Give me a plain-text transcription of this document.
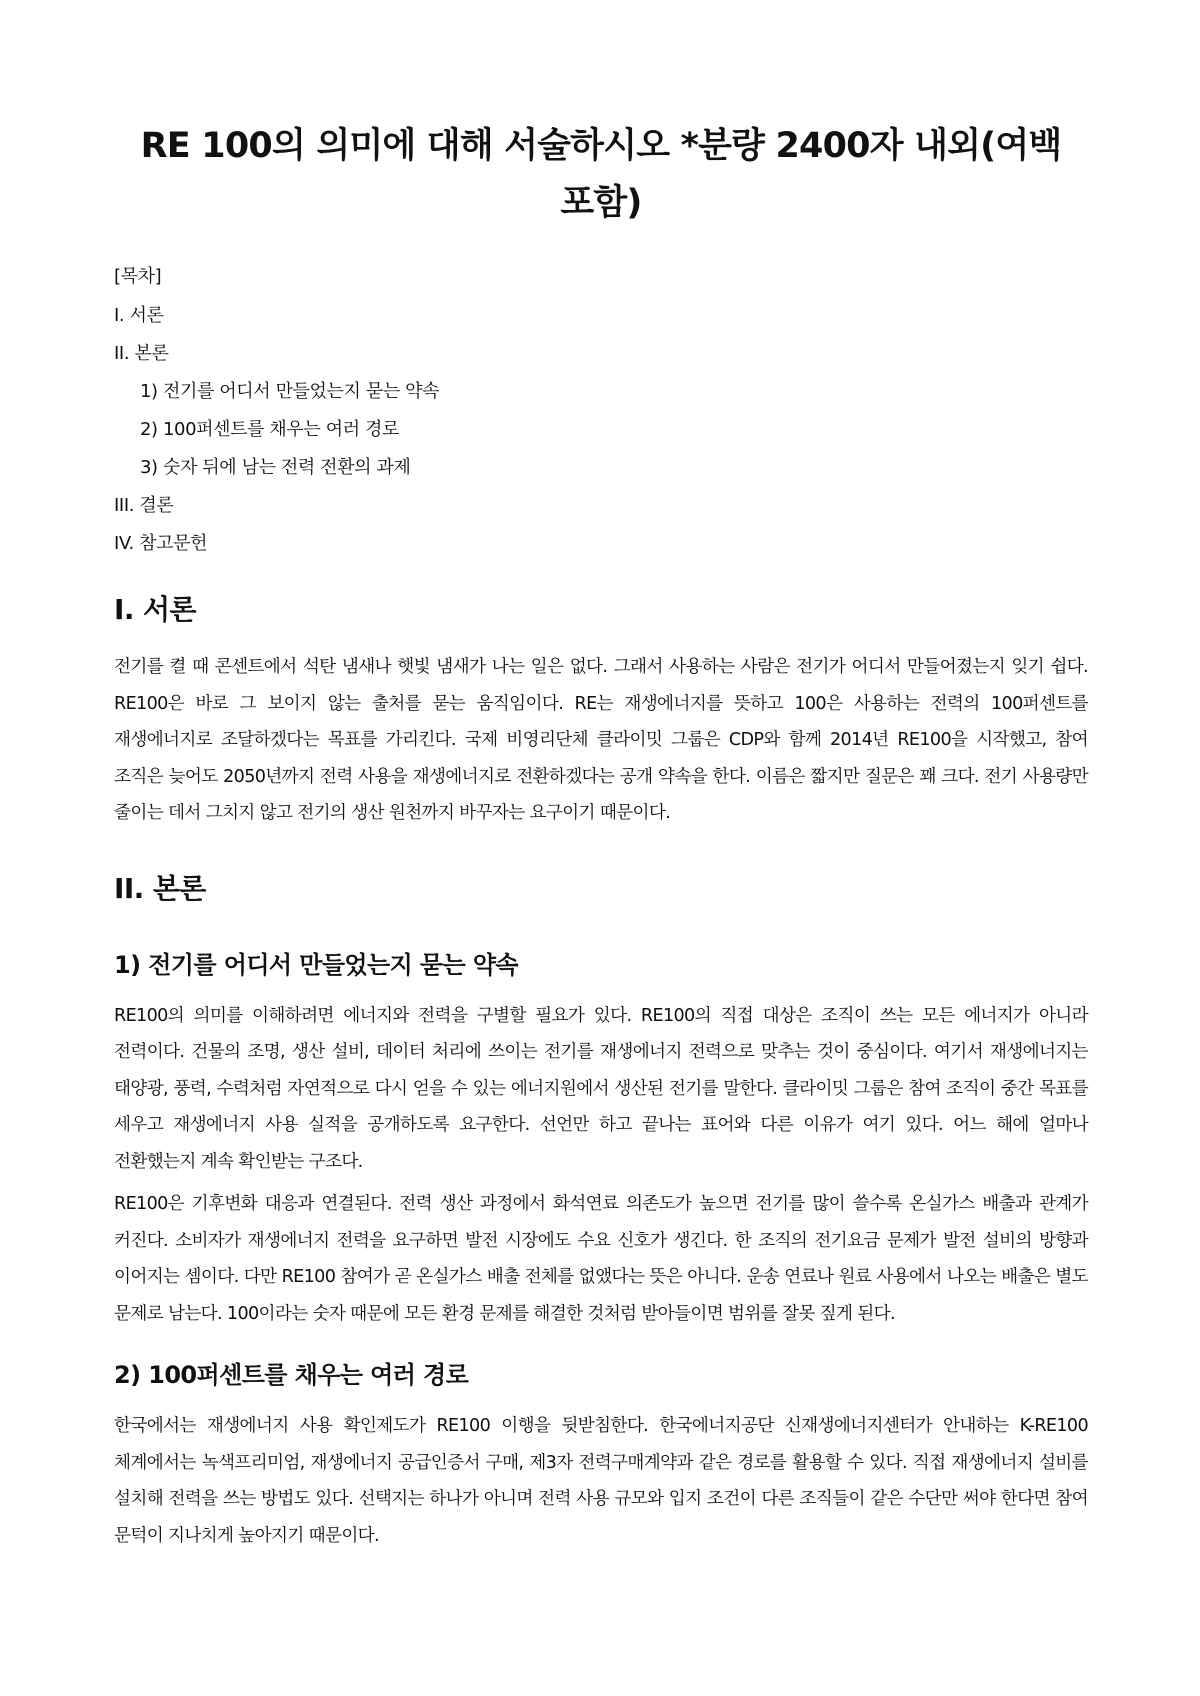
RE 100의 의미에 대해 서술하시오 *분량 2400자 내외(여백 포함)
[목차]
I. 서론
II. 본론
1) 전기를 어디서 만들었는지 묻는 약속
2) 100퍼센트를 채우는 여러 경로
3) 숫자 뒤에 남는 전력 전환의 과제
III. 결론
IV. 참고문헌
I. 서론

전기를 켤 때 콘센트에서 석탄 냄새나 햇빛 냄새가 나는 일은 없다. 그래서 사용하는 사람은 전기가 어디서 만들어졌는지 잊기 쉽다. RE100은 바로 그 보이지 않는 출처를 묻는 움직임이다. RE는 재생에너지를 뜻하고 100은 사용하는 전력의 100퍼센트를 재생에너지로 조달하겠다는 목표를 가리킨다. 국제 비영리단체 클라이밋 그룹은 CDP와 함께 2014년 RE100을 시작했고, 참여 조직은 늦어도 2050년까지 전력 사용을 재생에너지로 전환하겠다는 공개 약속을 한다. 이름은 짧지만 질문은 꽤 크다. 전기 사용량만 줄이는 데서 그치지 않고 전기의 생산 원천까지 바꾸자는 요구이기 때문이다.

II. 본론
1) 전기를 어디서 만들었는지 묻는 약속

RE100의 의미를 이해하려면 에너지와 전력을 구별할 필요가 있다. RE100의 직접 대상은 조직이 쓰는 모든 에너지가 아니라 전력이다. 건물의 조명, 생산 설비, 데이터 처리에 쓰이는 전기를 재생에너지 전력으로 맞추는 것이 중심이다. 여기서 재생에너지는 태양광, 풍력, 수력처럼 자연적으로 다시 얻을 수 있는 에너지원에서 생산된 전기를 말한다. 클라이밋 그룹은 참여 조직이 중간 목표를 세우고 재생에너지 사용 실적을 공개하도록 요구한다. 선언만 하고 끝나는 표어와 다른 이유가 여기 있다. 어느 해에 얼마나 전환했는지 계속 확인받는 구조다.

RE100은 기후변화 대응과 연결된다. 전력 생산 과정에서 화석연료 의존도가 높으면 전기를 많이 쓸수록 온실가스 배출과 관계가 커진다. 소비자가 재생에너지 전력을 요구하면 발전 시장에도 수요 신호가 생긴다. 한 조직의 전기요금 문제가 발전 설비의 방향과 이어지는 셈이다. 다만 RE100 참여가 곧 온실가스 배출 전체를 없앴다는 뜻은 아니다. 운송 연료나 원료 사용에서 나오는 배출은 별도 문제로 남는다. 100이라는 숫자 때문에 모든 환경 문제를 해결한 것처럼 받아들이면 범위를 잘못 짚게 된다.

2) 100퍼센트를 채우는 여러 경로

한국에서는 재생에너지 사용 확인제도가 RE100 이행을 뒷받침한다. 한국에너지공단 신재생에너지센터가 안내하는 K-RE100 체계에서는 녹색프리미엄, 재생에너지 공급인증서 구매, 제3자 전력구매계약과 같은 경로를 활용할 수 있다. 직접 재생에너지 설비를 설치해 전력을 쓰는 방법도 있다. 선택지는 하나가 아니며 전력 사용 규모와 입지 조건이 다른 조직들이 같은 수단만 써야 한다면 참여 문턱이 지나치게 높아지기 때문이다.
